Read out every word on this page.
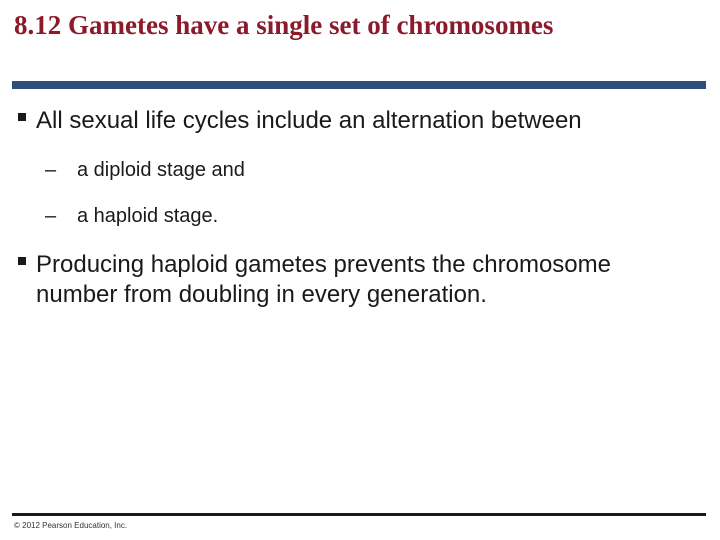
8.12 Gametes have a single set of chromosomes
All sexual life cycles include an alternation between
– a diploid stage and
– a haploid stage.
Producing haploid gametes prevents the chromosome number from doubling in every generation.
© 2012 Pearson Education, Inc.
